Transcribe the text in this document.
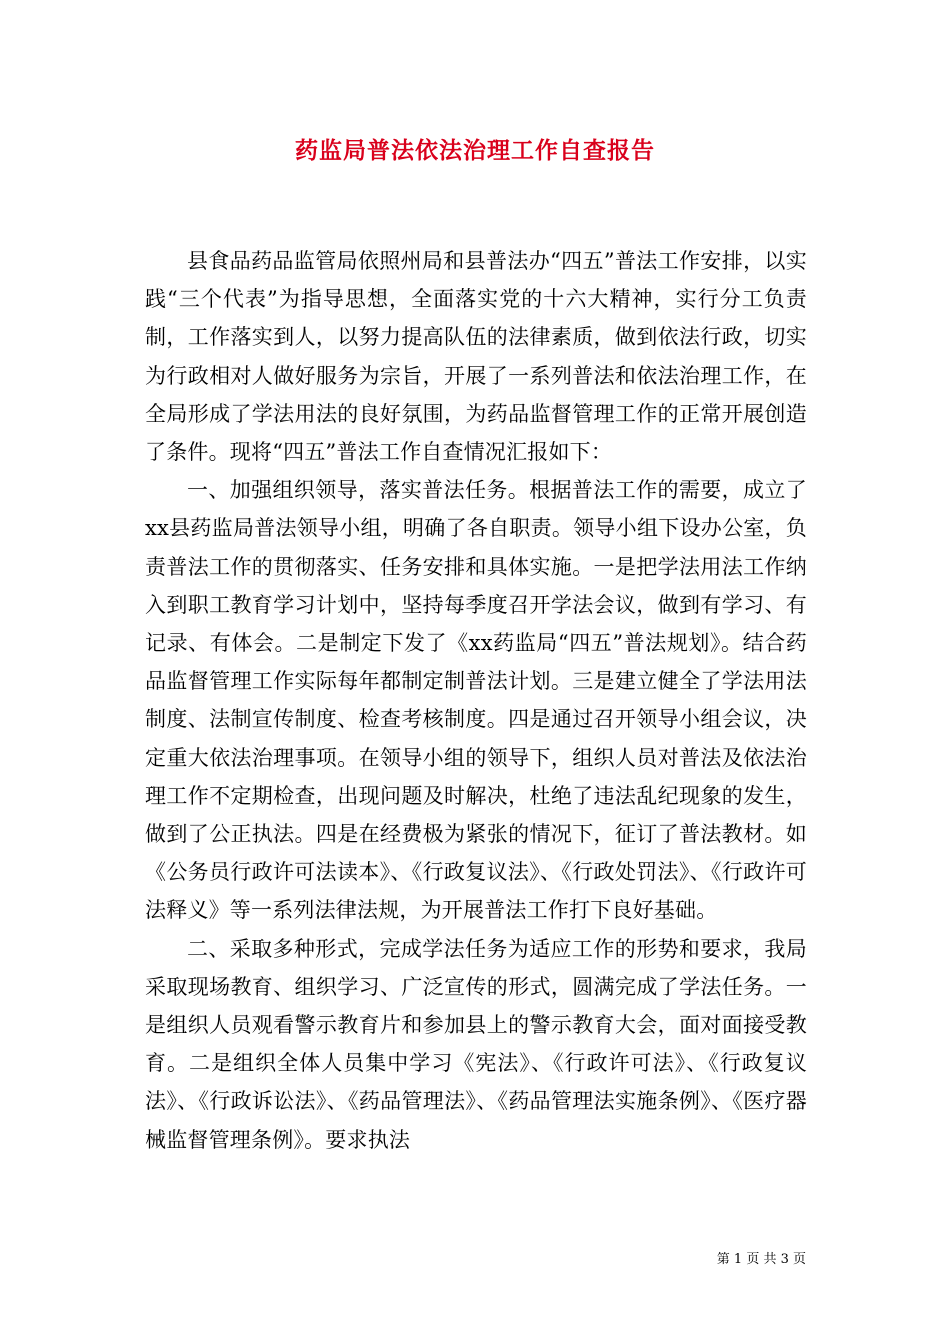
药监局普法依法治理工作自查报告

县食品药品监管局依照州局和县普法办“四五”普法工作安排，以实践“三个代表”为指导思想，全面落实党的十六大精神，实行分工负责制，工作落实到人，以努力提高队伍的法律素质，做到依法行政，切实为行政相对人做好服务为宗旨，开展了一系列普法和依法治理工作，在全局形成了学法用法的良好氛围，为药品监督管理工作的正常开展创造了条件。现将“四五”普法工作自查情况汇报如下：

一、加强组织领导，落实普法任务。根据普法工作的需要，成立了xx县药监局普法领导小组，明确了各自职责。领导小组下设办公室，负责普法工作的贯彻落实、任务安排和具体实施。一是把学法用法工作纳入到职工教育学习计划中，坚持每季度召开学法会议，做到有学习、有记录、有体会。二是制定下发了《xx药监局“四五”普法规划》。结合药品监督管理工作实际每年都制定制普法计划。三是建立健全了学法用法制度、法制宣传制度、检查考核制度。四是通过召开领导小组会议，决定重大依法治理事项。在领导小组的领导下，组织人员对普法及依法治理工作不定期检查，出现问题及时解决，杜绝了违法乱纪现象的发生，做到了公正执法。四是在经费极为紧张的情况下，征订了普法教材。如《公务员行政许可法读本》、《行政复议法》、《行政处罚法》、《行政许可法释义》等一系列法律法规，为开展普法工作打下良好基础。

二、采取多种形式，完成学法任务为适应工作的形势和要求，我局采取现场教育、组织学习、广泛宣传的形式，圆满完成了学法任务。一是组织人员观看警示教育片和参加县上的警示教育大会，面对面接受教育。二是组织全体人员集中学习《宪法》、《行政许可法》、《行政复议法》、《行政诉讼法》、《药品管理法》、《药品管理法实施条例》、《医疗器械监督管理条例》。要求执法

第 1 页 共 3 页
